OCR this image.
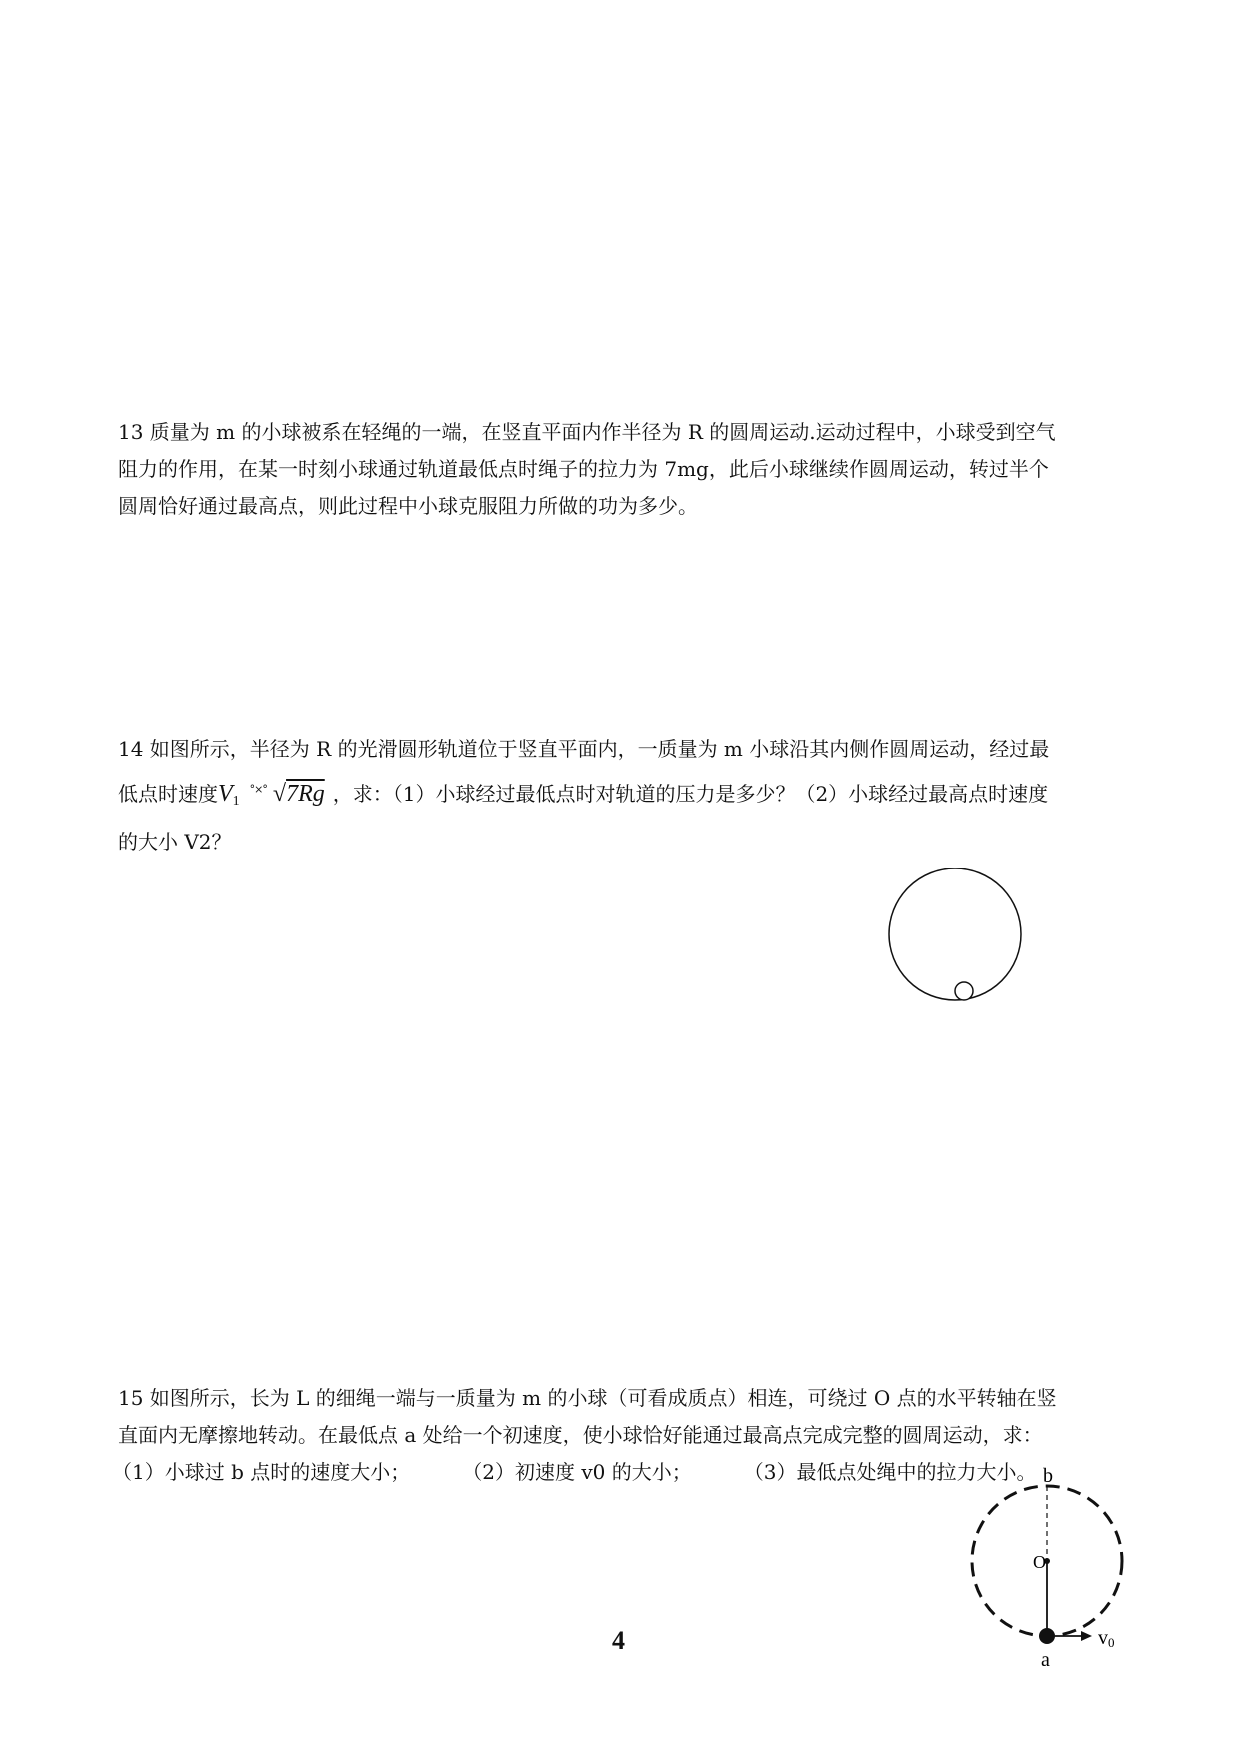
13 质量为 m 的小球被系在轻绳的一端，在竖直平面内作半径为 R 的圆周运动.运动过程中，小球受到空气

阻力的作用，在某一时刻小球通过轨道最低点时绳子的拉力为 7mg，此后小球继续作圆周运动，转过半个

圆周恰好通过最高点，则此过程中小球克服阻力所做的功为多少。

14 如图所示，半径为 R 的光滑圆形轨道位于竖直平面内，一质量为 m 小球沿其内侧作圆周运动，经过最

低点时速度$V_1^{^\circ\times^\circ}$ √7Rg ，求：（1）小球经过最低点时对轨道的压力是多少？（2）小球经过最高点时速度

的大小 V2？

15 如图所示，长为 L 的细绳一端与一质量为 m 的小球（可看成质点）相连，可绕过 O 点的水平转轴在竖

直面内无摩擦地转动。在最低点 a 处给一个初速度，使小球恰好能通过最高点完成完整的圆周运动，求：

（1）小球过 b 点时的速度大小；	（2）初速度 v0 的大小；	（3）最低点处绳中的拉力大小。 b
O
a
v0
4
